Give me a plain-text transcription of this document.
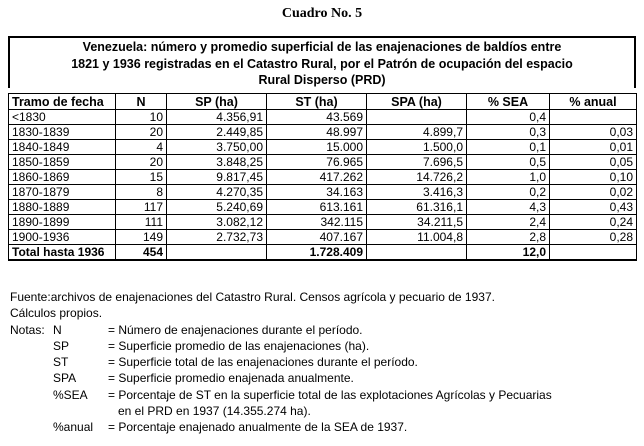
Cuadro No. 5
Venezuela: número y promedio superficial de las enajenaciones de baldíos entre
1821 y 1936 registradas en el Catastro Rural, por el Patrón de ocupación del espacio
Rural Disperso (PRD)
Tramo de fecha	N	SP (ha)	ST (ha)	SPA (ha)	% SEA	% anual
<1830	10	4.356,91	43.569		0,4	
1830-1839	20	2.449,85	48.997	4.899,7	0,3	0,03
1840-1849	4	3.750,00	15.000	1.500,0	0,1	0,01
1850-1859	20	3.848,25	76.965	7.696,5	0,5	0,05
1860-1869	15	9.817,45	417.262	14.726,2	1,0	0,10
1870-1879	8	4.270,35	34.163	3.416,3	0,2	0,02
1880-1889	117	5.240,69	613.161	61.316,1	4,3	0,43
1890-1899	111	3.082,12	342.115	34.211,5	2,4	0,24
1900-1936	149	2.732,73	407.167	11.004,8	2,8	0,28
Total hasta 1936	454		1.728.409		12,0	
Fuente:archivos de enajenaciones del Catastro Rural. Censos agrícola y pecuario de 1937.
Cálculos propios.
Notas: N	= Número de enajenaciones durante el período.
SP	= Superficie promedio de las enajenaciones (ha).
ST	= Superficie total de las enajenaciones durante el período.
SPA	= Superficie promedio enajenada anualmente.
%SEA = Porcentaje de ST en la superficie total de las explotaciones Agrícolas y Pecuarias
en el PRD en 1937 (14.355.274 ha).
%anual = Porcentaje enajenado anualmente de la SEA de 1937.
